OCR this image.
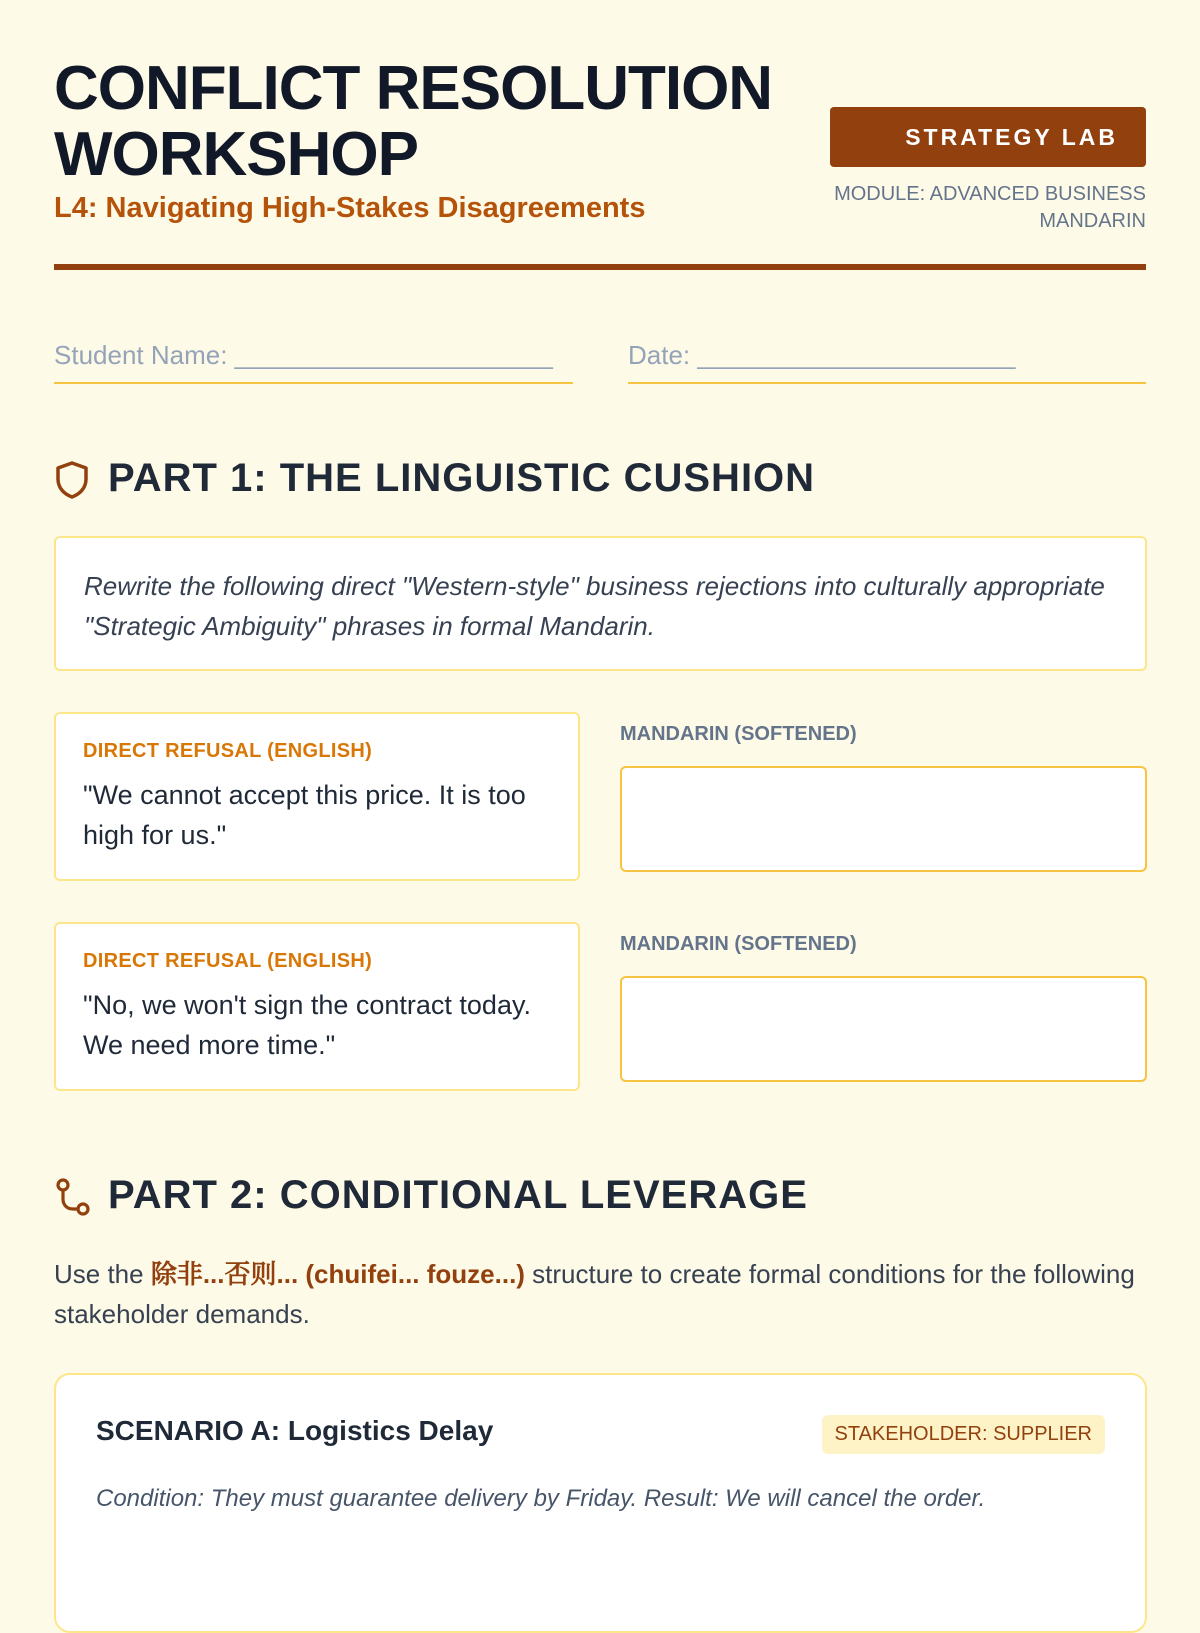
CONFLICT RESOLUTION WORKSHOP
L4: Navigating High-Stakes Disagreements
STRATEGY LAB
MODULE: ADVANCED BUSINESS MANDARIN
Student Name: ______________________	Date: ______________________
PART 1: THE LINGUISTIC CUSHION
Rewrite the following direct "Western-style" business rejections into culturally appropriate "Strategic Ambiguity" phrases in formal Mandarin.
DIRECT REFUSAL (ENGLISH)
"We cannot accept this price. It is too high for us."
MANDARIN (SOFTENED)
DIRECT REFUSAL (ENGLISH)
"No, we won't sign the contract today. We need more time."
MANDARIN (SOFTENED)
PART 2: CONDITIONAL LEVERAGE
Use the 除非...否则... (chuifei... fouze...) structure to create formal conditions for the following stakeholder demands.
SCENARIO A: Logistics Delay	STAKEHOLDER: SUPPLIER
Condition: They must guarantee delivery by Friday. Result: We will cancel the order.
